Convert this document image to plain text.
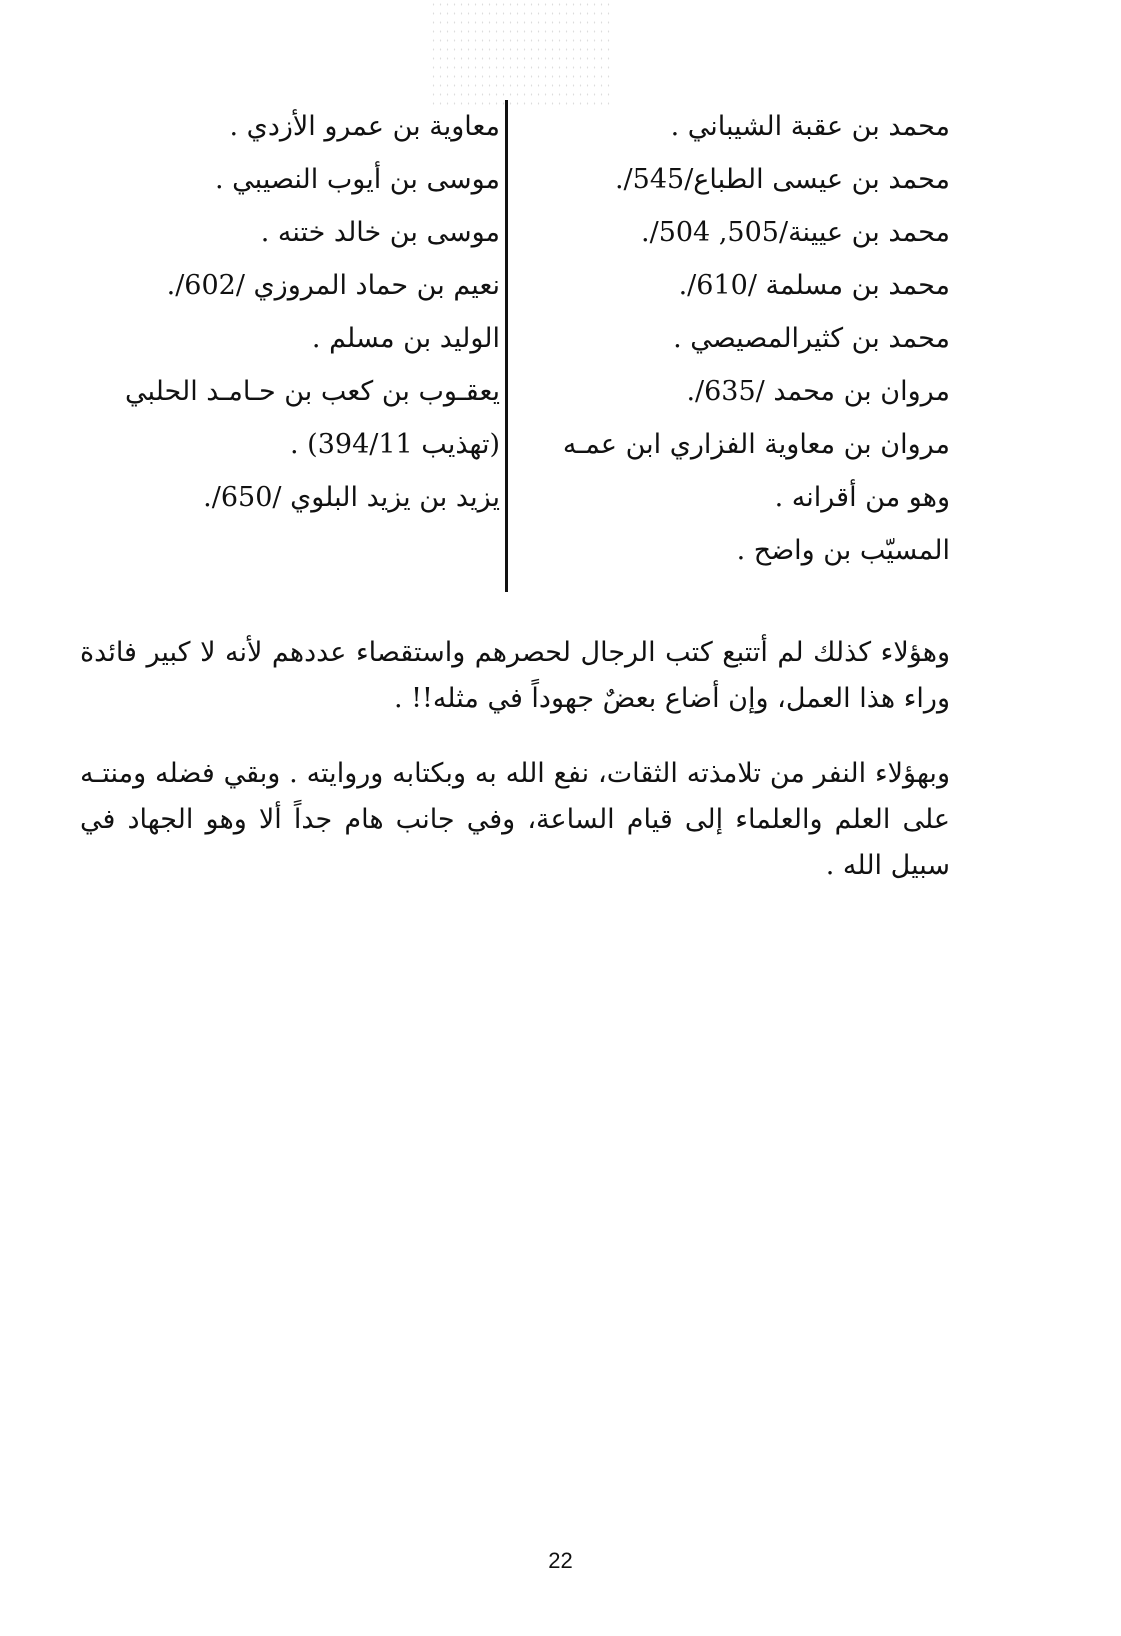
محمد بن عقبة الشيباني .
محمد بن عيسى الطباع/545/.
محمد بن عيينة/505, 504/.
محمد بن مسلمة /610/.
محمد بن كثيرالمصيصي .
مروان بن محمد /635/.
مروان بن معاوية الفزاري ابن عمـه
وهو من أقرانه .
المسيّب بن واضح .
معاوية بن عمرو الأزدي .
موسى بن أيوب النصيبي .
موسى بن خالد ختنه .
نعيم بن حماد المروزي /602/.
الوليد بن مسلم .
يعقـوب بن كعب بن حـامـد الحلبي
(تهذيب 394/11) .
يزيد بن يزيد البلوي /650/.

وهؤلاء كذلك لم أتتبع كتب الرجال لحصرهم واستقصاء عددهم لأنه لا كبير فائدة وراء هذا العمل، وإن أضاع بعضٌ جهوداً في مثله!! .

وبهؤلاء النفر من تلامذته الثقات، نفع الله به وبكتابه وروايته . وبقي فضله ومنتـه على العلم والعلماء إلى قيام الساعة، وفي جانب هام جداً ألا وهو الجهاد في سبيل الله .

22
